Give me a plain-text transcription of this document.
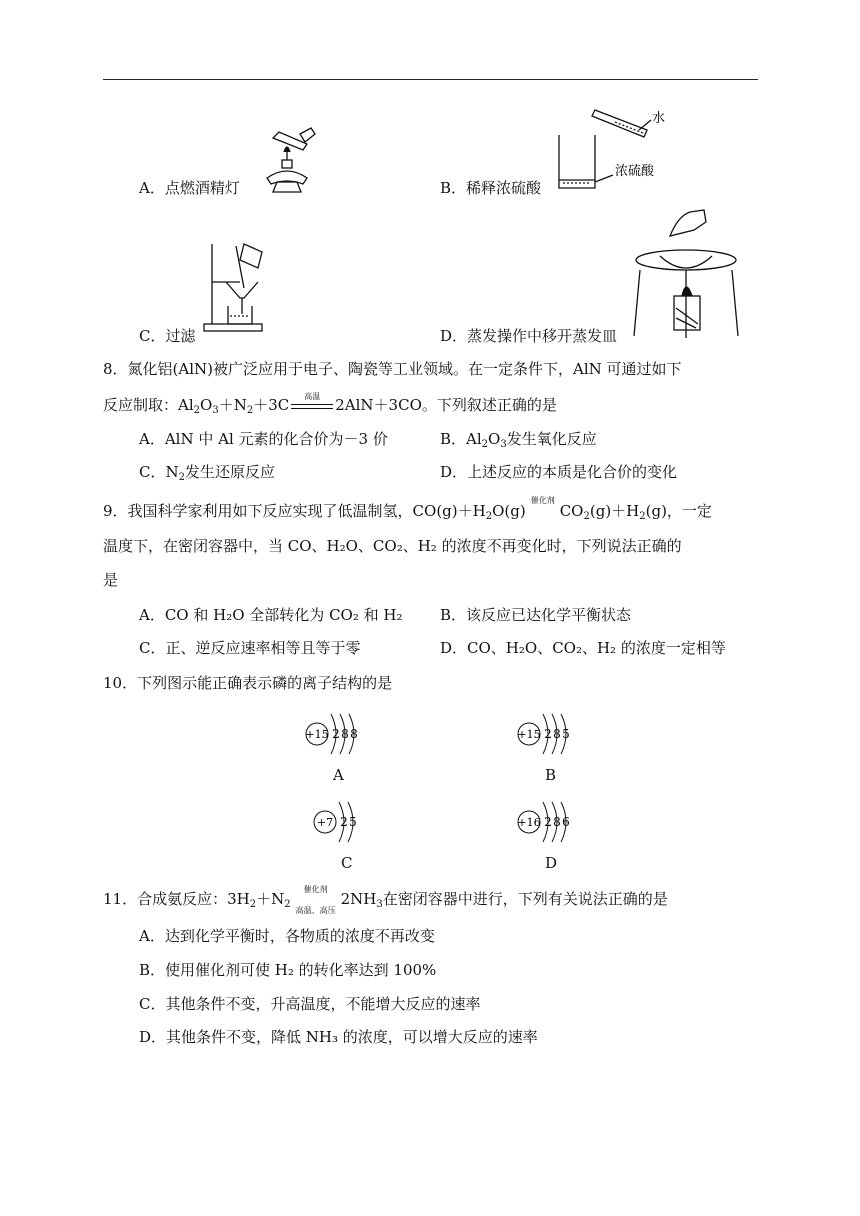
A．点燃酒精灯
水
浓硫酸
B．稀释浓硫酸
C．过滤	D．蒸发操作中移开蒸发皿
8．氮化铝(AlN)被广泛应用于电子、陶瓷等工业领域。在一定条件下，AlN 可通过如下
反应制取：$Al_2O_3+N_2+3C$	高温	2AlN＋3CO。下列叙述正确的是
A．AlN 中 Al 元素的化合价为－3 价	B．$Al_2O_3$发生氧化反应
C．$N_2$发生还原反应	D．上述反应的本质是化合价的变化
9．我国科学家利用如下反应实现了低温制氢，$CO(g)+H_2O(g)$
催化剂
$CO_2(g)+H_2(g)$，一定
温度下，在密闭容器中，当 CO、H₂O、CO₂、H₂ 的浓度不再变化时，下列说法正确的
是
A．CO 和 H₂O 全部转化为 CO₂ 和 H₂	B．该反应已达化学平衡状态
C．正、逆反应速率相等且等于零	D．CO、H₂O、CO₂、H₂ 的浓度一定相等
10．下列图示能正确表示磷的离子结构的是
+15 2 8 8
A
+15 2 8 5
B
+7 2 5
C
+16 2 8 6
D
11．合成氨反应：$3H_2+N_2$
催化剂
高温、高压
$2NH_3$在密闭容器中进行，下列有关说法正确的是
A．达到化学平衡时，各物质的浓度不再改变
B．使用催化剂可使 H₂ 的转化率达到 100%
C．其他条件不变，升高温度，不能增大反应的速率
D．其他条件不变，降低 NH₃ 的浓度，可以增大反应的速率
